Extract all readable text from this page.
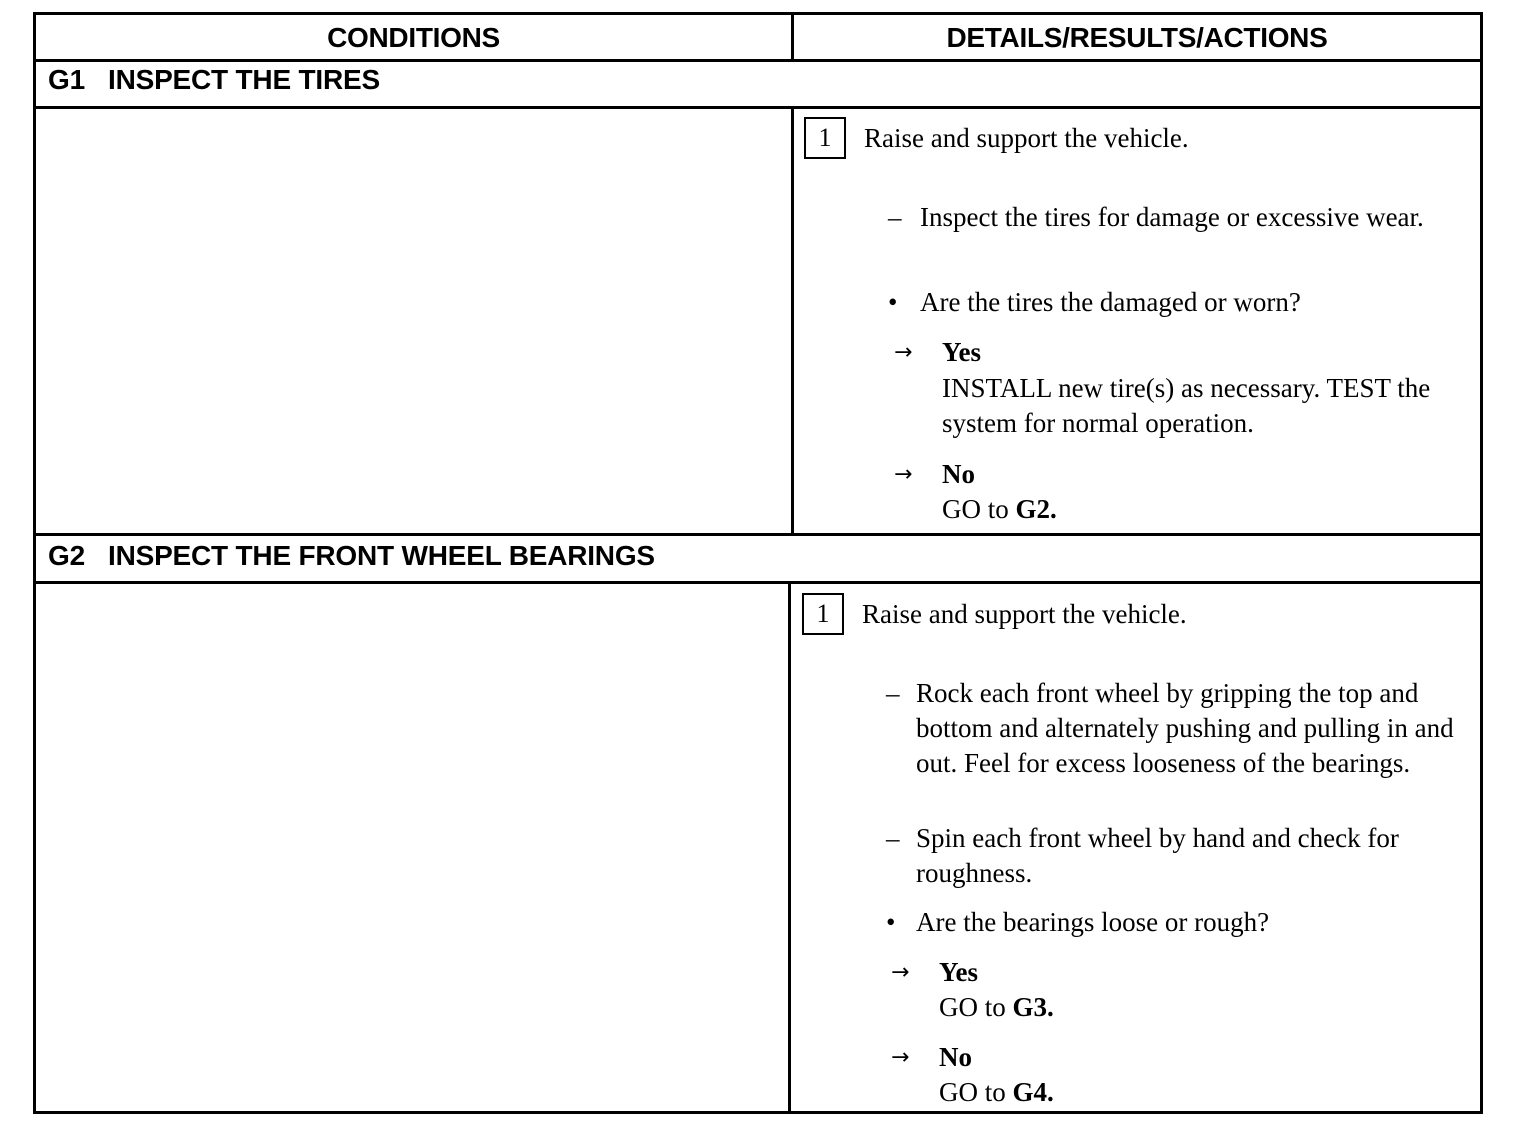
CONDITIONS	DETAILS/RESULTS/ACTIONS
G1 INSPECT THE TIRES
1	Raise and support the vehicle.
– Inspect the tires for damage or excessive wear.
• Are the tires the damaged or worn?
→ Yes
INSTALL new tire(s) as necessary. TEST the system for normal operation.
→ No
GO to G2.
G2 INSPECT THE FRONT WHEEL BEARINGS
1	Raise and support the vehicle.
– Rock each front wheel by gripping the top and bottom and alternately pushing and pulling in and out. Feel for excess looseness of the bearings.
– Spin each front wheel by hand and check for roughness.
• Are the bearings loose or rough?
→ Yes
GO to G3.
→ No
GO to G4.
